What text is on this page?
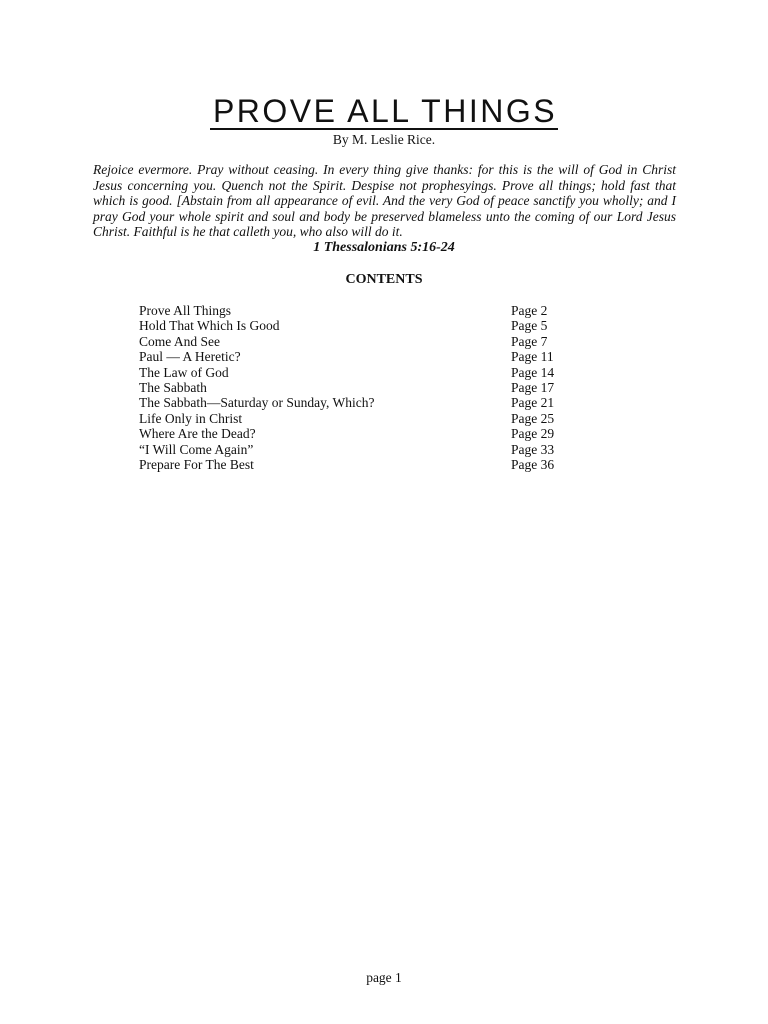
PROVE ALL THINGS
By M. Leslie Rice.

Rejoice evermore. Pray without ceasing. In every thing give thanks: for this is the will of God in Christ Jesus concerning you. Quench not the Spirit. Despise not prophesyings. Prove all things; hold fast that which is good. [Abstain from all appearance of evil. And the very God of peace sanctify you wholly; and I pray God your whole spirit and soul and body be preserved blameless unto the coming of our Lord Jesus Christ. Faithful is he that calleth you, who also will do it.

1 Thessalonians 5:16-24
CONTENTS
Prove All Things	Page 2
Hold That Which Is Good	Page 5
Come And See	Page 7
Paul — A Heretic?	Page 11
The Law of God	Page 14
The Sabbath	Page 17
The Sabbath—Saturday or Sunday, Which?	Page 21
Life Only in Christ	Page 25
Where Are the Dead?	Page 29
“I Will Come Again”	Page 33
Prepare For The Best	Page 36
page 1
